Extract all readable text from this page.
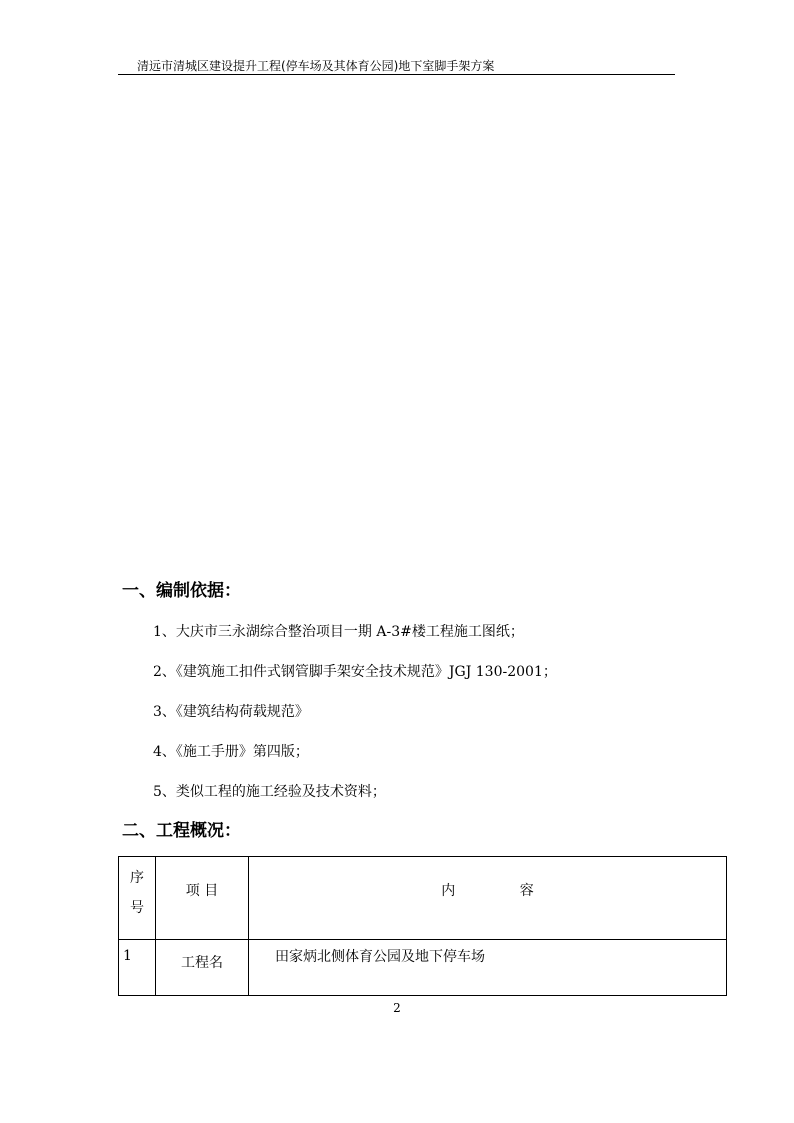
清远市清城区建设提升工程(停车场及其体育公园)地下室脚手架方案
一、编制依据：
1、大庆市三永湖综合整治项目一期 A-3#楼工程施工图纸；
2、《建筑施工扣件式钢管脚手架安全技术规范》JGJ 130-2001；
3、《建筑结构荷载规范》
4、《施工手册》第四版；
5、类似工程的施工经验及技术资料；
二、工程概况：
序
号	项 目	内 容
1	工程名	田家炳北侧体育公园及地下停车场
2
